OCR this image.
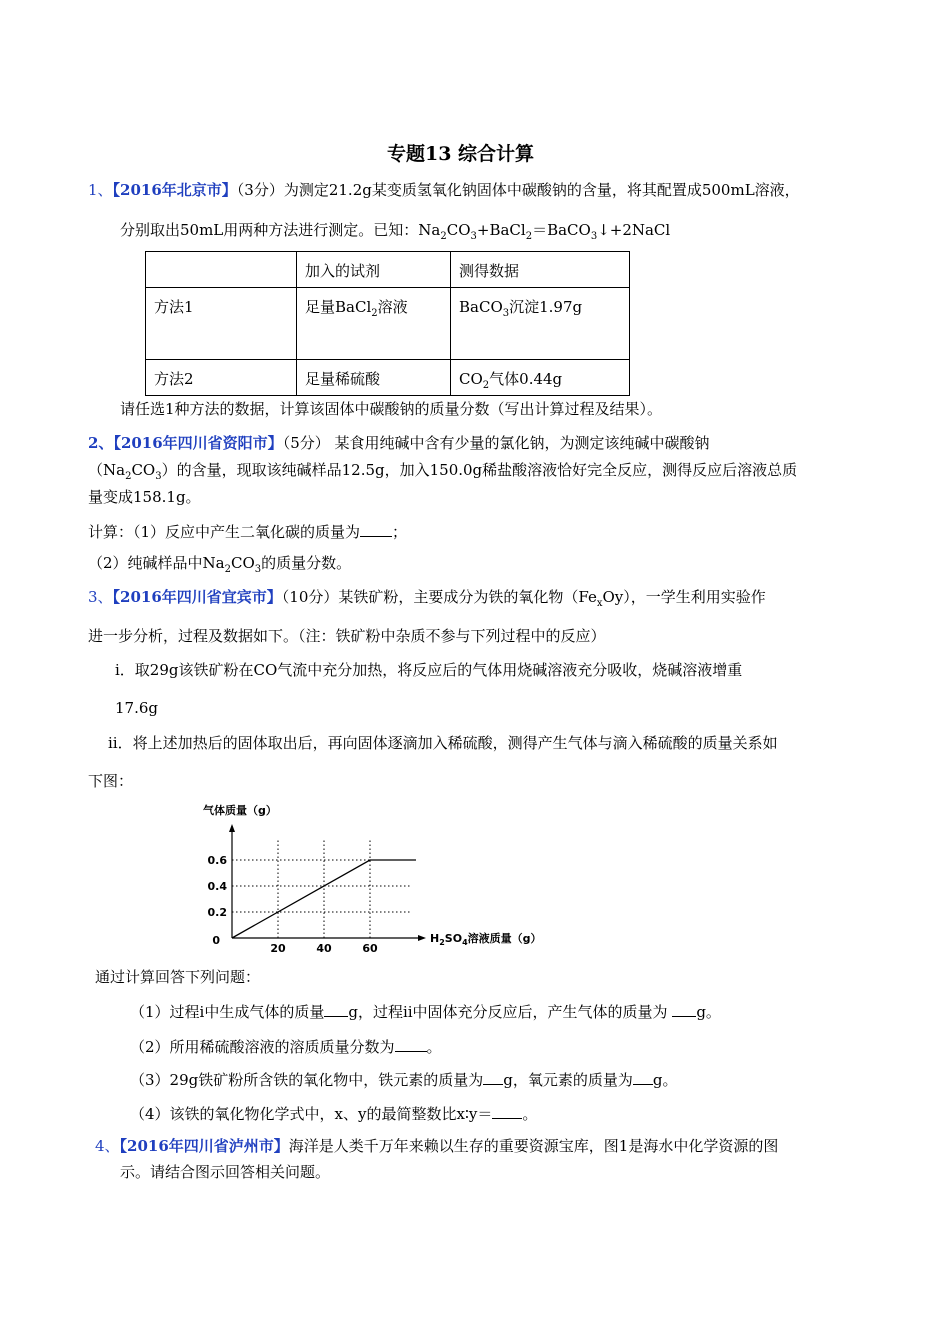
专题13 综合计算
1、【2016年北京市】（3分）为测定21.2g某变质氢氧化钠固体中碳酸钠的含量，将其配置成500mL溶液，
分别取出50mL用两种方法进行测定。已知：$Na_2CO_3+BaCl_2=BaCO_3↓+2NaCl$
	加入的试剂	测得数据
方法1	足量BaCl$_2$溶液	BaCO$_3$沉淀1.97g
方法2	足量稀硫酸	$CO_2$气体0.44g
请任选1种方法的数据，计算该固体中碳酸钠的质量分数（写出计算过程及结果）。
2、【2016年四川省资阳市】（5分） 某食用纯碱中含有少量的氯化钠，为测定该纯碱中碳酸钠
$(Na_2CO_3)$的含量，现取该纯碱样品12.5g，加入150.0g稀盐酸溶液恰好完全反应，测得反应后溶液总质
量变成158.1g。
计算：（1）反应中产生二氧化碳的质量为 ；
（2）纯碱样品中$Na_2CO_3$的质量分数。
3、【2016年四川省宜宾市】（10分）某铁矿粉，主要成分为铁的氧化物$(Fe_xOy)$，一学生利用实验作
进一步分析，过程及数据如下。（注：铁矿粉中杂质不参与下列过程中的反应）
ⅰ．取29g该铁矿粉在CO气流中充分加热，将反应后的气体用烧碱溶液充分吸收，烧碱溶液增重
17.6g
ⅱ．将上述加热后的固体取出后，再向固体逐滴加入稀硫酸，测得产生气体与滴入稀硫酸的质量关系如
下图：
20	40	60
0.2
0.4
0.6
0
气体质量（g）
$H_2SO_4$溶液质量（g）
通过计算回答下列问题：
（1）过程ⅰ中生成气体的质量 g，过程ⅱ中固体充分反应后，产生气体的质量为 g。
（2）所用稀硫酸溶液的溶质质量分数为 。
（3）29g铁矿粉所含铁的氧化物中，铁元素的质量为 g，氧元素的质量为 g。
（4）该铁的氧化物化学式中，x、y的最简整数比x∶y＝ 。
4、【2016年四川省泸州市】海洋是人类千万年来赖以生存的重要资源宝库，图1是海水中化学资源的图
示。请结合图示回答相关问题。
